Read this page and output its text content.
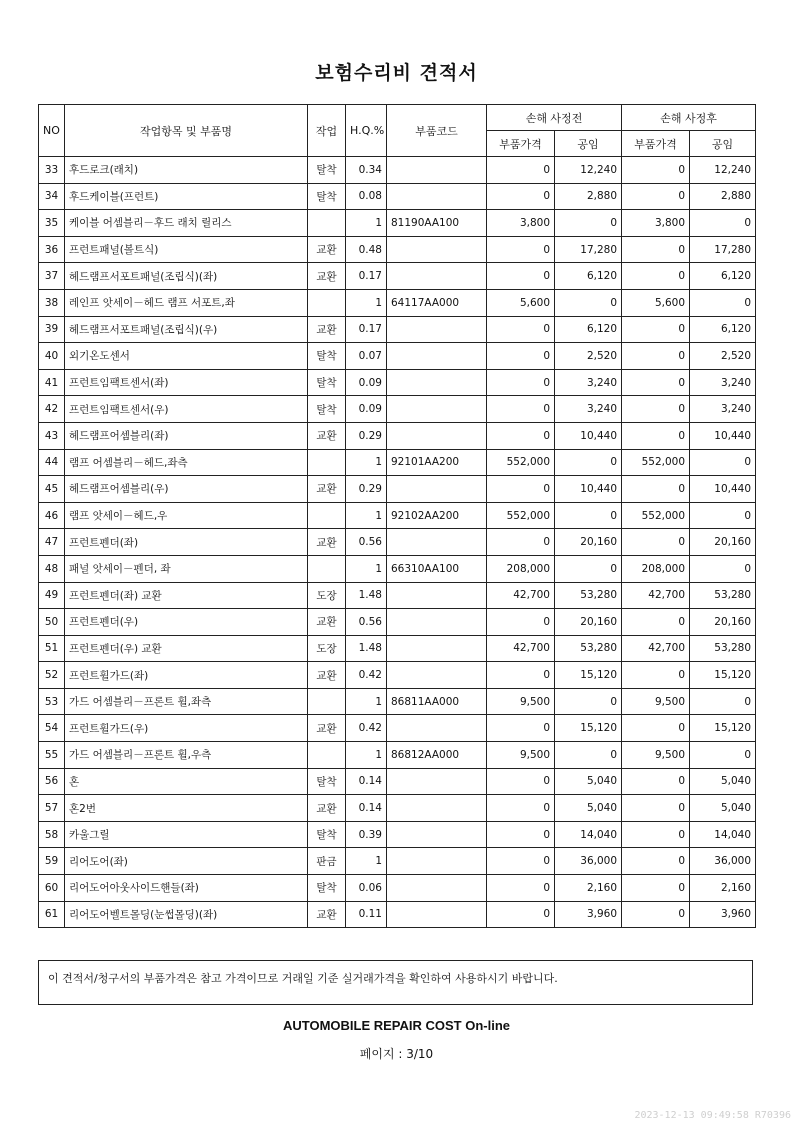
보험수리비 견적서
NO	작업항목 및 부품명	작업	H.Q.%	부품코드	손해 사정전		손해 사정후	
					부품가격	공임	부품가격	공임
33	후드로크(래치)	탈착	0.34		0	12,240	0	12,240
34	후드케이블(프런트)	탈착	0.08		0	2,880	0	2,880
35	케이블 어셈블리－후드 래치 릴리스		1	81190AA100	3,800	0	3,800	0
36	프런트패널(볼트식)	교환	0.48		0	17,280	0	17,280
37	헤드램프서포트패널(조립식)(좌)	교환	0.17		0	6,120	0	6,120
38	레인프 앗세이－헤드 램프 서포트,좌		1	64117AA000	5,600	0	5,600	0
39	헤드램프서포트패널(조립식)(우)	교환	0.17		0	6,120	0	6,120
40	외기온도센서	탈착	0.07		0	2,520	0	2,520
41	프런트임팩트센서(좌)	탈착	0.09		0	3,240	0	3,240
42	프런트임팩트센서(우)	탈착	0.09		0	3,240	0	3,240
43	헤드램프어셈블리(좌)	교환	0.29		0	10,440	0	10,440
44	램프 어셈블리－헤드,좌측		1	92101AA200	552,000	0	552,000	0
45	헤드램프어셈블리(우)	교환	0.29		0	10,440	0	10,440
46	램프 앗세이－헤드,우		1	92102AA200	552,000	0	552,000	0
47	프런트펜더(좌)	교환	0.56		0	20,160	0	20,160
48	패널 앗세이－펜더, 좌		1	66310AA100	208,000	0	208,000	0
49	프런트펜더(좌) 교환	도장	1.48		42,700	53,280	42,700	53,280
50	프런트펜더(우)	교환	0.56		0	20,160	0	20,160
51	프런트펜더(우) 교환	도장	1.48		42,700	53,280	42,700	53,280
52	프런트휠가드(좌)	교환	0.42		0	15,120	0	15,120
53	가드 어셈블리－프론트 휠,좌측		1	86811AA000	9,500	0	9,500	0
54	프런트휠가드(우)	교환	0.42		0	15,120	0	15,120
55	가드 어셈블리－프론트 휠,우측		1	86812AA000	9,500	0	9,500	0
56	혼	탈착	0.14		0	5,040	0	5,040
57	혼2번	교환	0.14		0	5,040	0	5,040
58	카울그릴	탈착	0.39		0	14,040	0	14,040
59	리어도어(좌)	판금	1		0	36,000	0	36,000
60	리어도어아웃사이드핸들(좌)	탈착	0.06		0	2,160	0	2,160
61	리어도어벨트몰딩(눈썹몰딩)(좌)	교환	0.11		0	3,960	0	3,960
이 견적서/청구서의 부품가격은 참고 가격이므로 거래일 기준 실거래가격을 확인하여 사용하시기 바랍니다.
AUTOMOBILE REPAIR COST On-line
페이지 : 3/10
2023-12-13 09:49:58 R70396
